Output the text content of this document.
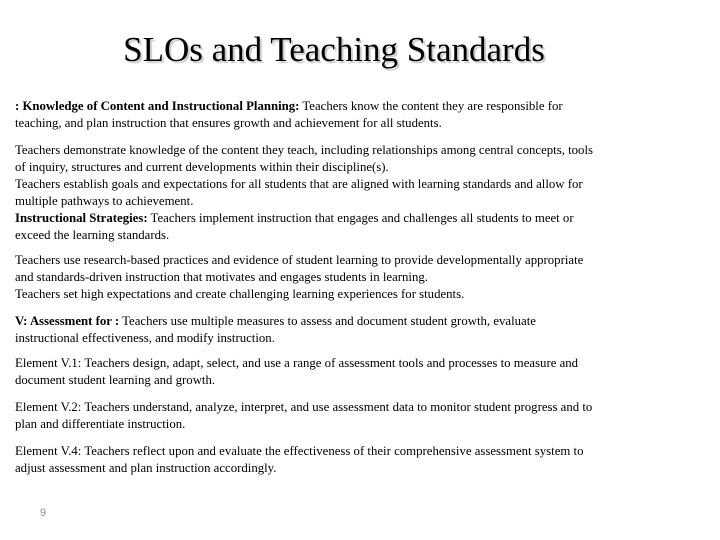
SLOs and Teaching Standards

: Knowledge of Content and Instructional Planning: Teachers know the content they are responsible for
teaching, and plan instruction that ensures growth and achievement for all students.

Teachers demonstrate knowledge of the content they teach, including relationships among central concepts, tools
of inquiry, structures and current developments within their discipline(s).
Teachers establish goals and expectations for all students that are aligned with learning standards and allow for
multiple pathways to achievement.
Instructional Strategies: Teachers implement instruction that engages and challenges all students to meet or
exceed the learning standards.

Teachers use research-based practices and evidence of student learning to provide developmentally appropriate
and standards-driven instruction that motivates and engages students in learning.
Teachers set high expectations and create challenging learning experiences for students.

V: Assessment for : Teachers use multiple measures to assess and document student growth, evaluate
instructional effectiveness, and modify instruction.

Element V.1: Teachers design, adapt, select, and use a range of assessment tools and processes to measure and
document student learning and growth.

Element V.2: Teachers understand, analyze, interpret, and use assessment data to monitor student progress and to
plan and differentiate instruction.

Element V.4: Teachers reflect upon and evaluate the effectiveness of their comprehensive assessment system to
adjust assessment and plan instruction accordingly.

9
